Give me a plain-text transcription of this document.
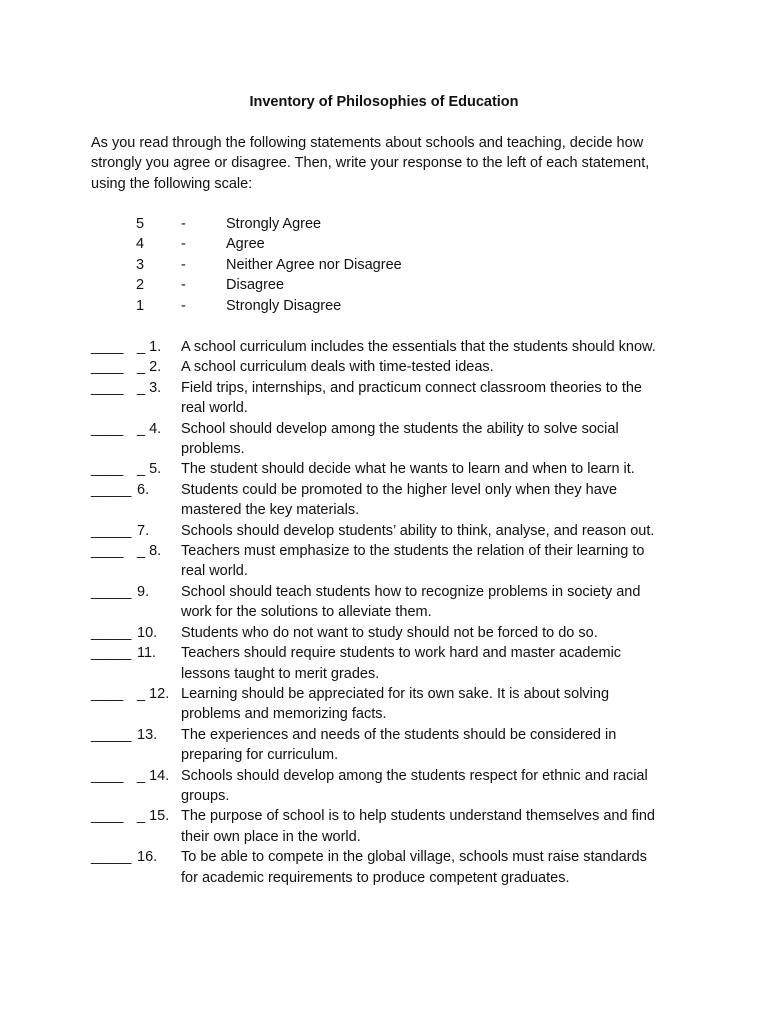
Inventory of Philosophies of Education
As you read through the following statements about schools and teaching, decide how
strongly you agree or disagree. Then, write your response to the left of each statement,
using the following scale:
5	-	Strongly Agree
4	-	Agree
3	-	Neither Agree nor Disagree
2	-	Disagree
1	-	Strongly Disagree
____ _ 1. A school curriculum includes the essentials that the students should know.
____ _ 2. A school curriculum deals with time-tested ideas.
____ _ 3. Field trips, internships, and practicum connect classroom theories to the
real world.
____ _ 4. School should develop among the students the ability to solve social
problems.
____ _ 5. The student should decide what he wants to learn and when to learn it.
_____ 6. Students could be promoted to the higher level only when they have
mastered the key materials.
_____ 7. Schools should develop students’ ability to think, analyse, and reason out.
____ _ 8. Teachers must emphasize to the students the relation of their learning to
real world.
_____ 9. School should teach students how to recognize problems in society and
work for the solutions to alleviate them.
_____ 10. Students who do not want to study should not be forced to do so.
_____ 11. Teachers should require students to work hard and master academic
lessons taught to merit grades.
____ _ 12. Learning should be appreciated for its own sake. It is about solving
problems and memorizing facts.
_____ 13. The experiences and needs of the students should be considered in
preparing for curriculum.
____ _ 14. Schools should develop among the students respect for ethnic and racial
groups.
____ _ 15. The purpose of school is to help students understand themselves and find
their own place in the world.
_____ 16. To be able to compete in the global village, schools must raise standards
for academic requirements to produce competent graduates.
